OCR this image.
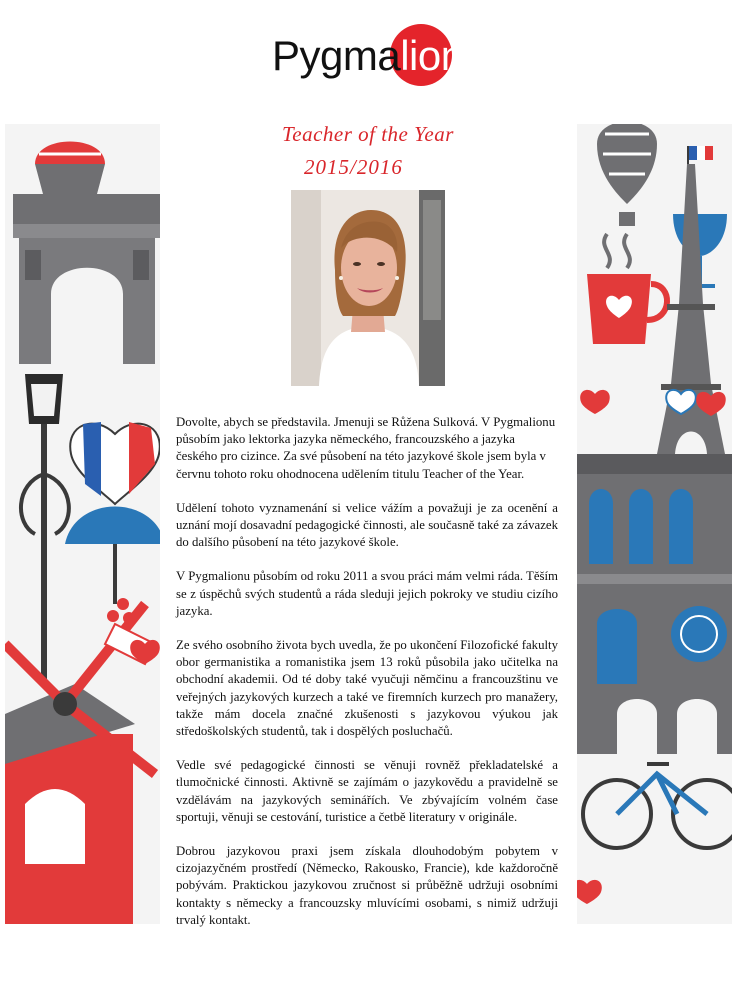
Pygmalion
Teacher of the Year
2015/2016

Dovolte, abych se představila. Jmenuji se Růžena Sulková. V Pygmalionu působím jako lektorka jazyka německého, francouzského a jazyka českého pro cizince. Za své působení na této jazykové škole jsem byla v červnu tohoto roku ohodnocena udělením titulu Teacher of the Year.

Udělení tohoto vyznamenání si velice vážím a považuji je za ocenění a uznání mojí dosavadní pedagogické činnosti, ale současně také za závazek do dalšího působení na této jazykové škole.

V Pygmalionu působím od roku 2011 a svou práci mám velmi ráda. Těším se z úspěchů svých studentů a ráda sleduji jejich pokroky ve studiu cizího jazyka.

Ze svého osobního života bych uvedla, že po ukončení Filozofické fakulty obor germanistika a romanistika jsem 13 roků působila jako učitelka na obchodní akademii. Od té doby také vyučuji němčinu a francouzštinu ve veřejných jazykových kurzech a také ve firemních kurzech pro manažery, takže mám docela značné zkušenosti s jazykovou výukou jak středoškolských studentů, tak i dospělých posluchačů.

Vedle své pedagogické činnosti se věnuji rovněž překladatelské a tlumočnické činnosti. Aktivně se zajímám o jazykovědu a pravidelně se vzdělávám na jazykových seminářích. Ve zbývajícím volném čase sportuji, věnuji se cestování, turistice a četbě literatury v originále.

Dobrou jazykovou praxi jsem získala dlouhodobým pobytem v cizojazyčném prostředí (Německo, Rakousko, Francie), kde každoročně pobývám. Praktickou jazykovou zručnost si průběžně udržuji osobními kontakty s německy a francouzsky mluvícími osobami, s nimiž udržuji trvalý kontakt.
